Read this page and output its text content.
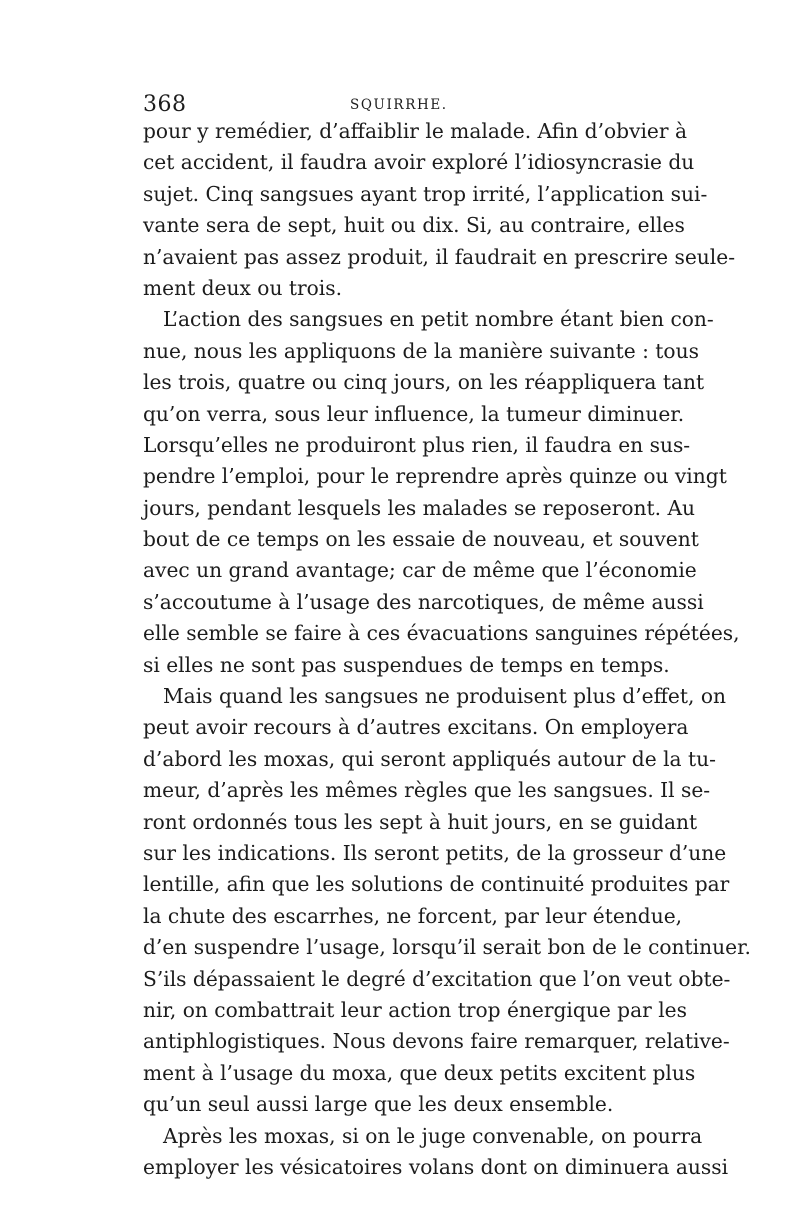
368	SQUIRRHE.
pour y remédier, d’affaiblir le malade. Afin d’obvier à
cet accident, il faudra avoir exploré l’idiosyncrasie du
sujet. Cinq sangsues ayant trop irrité, l’application sui-
vante sera de sept, huit ou dix. Si, au contraire, elles
n’avaient pas assez produit, il faudrait en prescrire seule-
ment deux ou trois.
L’action des sangsues en petit nombre étant bien con-
nue, nous les appliquons de la manière suivante : tous
les trois, quatre ou cinq jours, on les réappliquera tant
qu’on verra, sous leur influence, la tumeur diminuer.
Lorsqu’elles ne produiront plus rien, il faudra en sus-
pendre l’emploi, pour le reprendre après quinze ou vingt
jours, pendant lesquels les malades se reposeront. Au
bout de ce temps on les essaie de nouveau, et souvent
avec un grand avantage; car de même que l’économie
s’accoutume à l’usage des narcotiques, de même aussi
elle semble se faire à ces évacuations sanguines répétées,
si elles ne sont pas suspendues de temps en temps.
Mais quand les sangsues ne produisent plus d’effet, on
peut avoir recours à d’autres excitans. On employera
d’abord les moxas, qui seront appliqués autour de la tu-
meur, d’après les mêmes règles que les sangsues. Il se-
ront ordonnés tous les sept à huit jours, en se guidant
sur les indications. Ils seront petits, de la grosseur d’une
lentille, afin que les solutions de continuité produites par
la chute des escarrhes, ne forcent, par leur étendue,
d’en suspendre l’usage, lorsqu’il serait bon de le continuer.
S’ils dépassaient le degré d’excitation que l’on veut obte-
nir, on combattrait leur action trop énergique par les
antiphlogistiques. Nous devons faire remarquer, relative-
ment à l’usage du moxa, que deux petits excitent plus
qu’un seul aussi large que les deux ensemble.
Après les moxas, si on le juge convenable, on pourra
employer les vésicatoires volans dont on diminuera aussi
